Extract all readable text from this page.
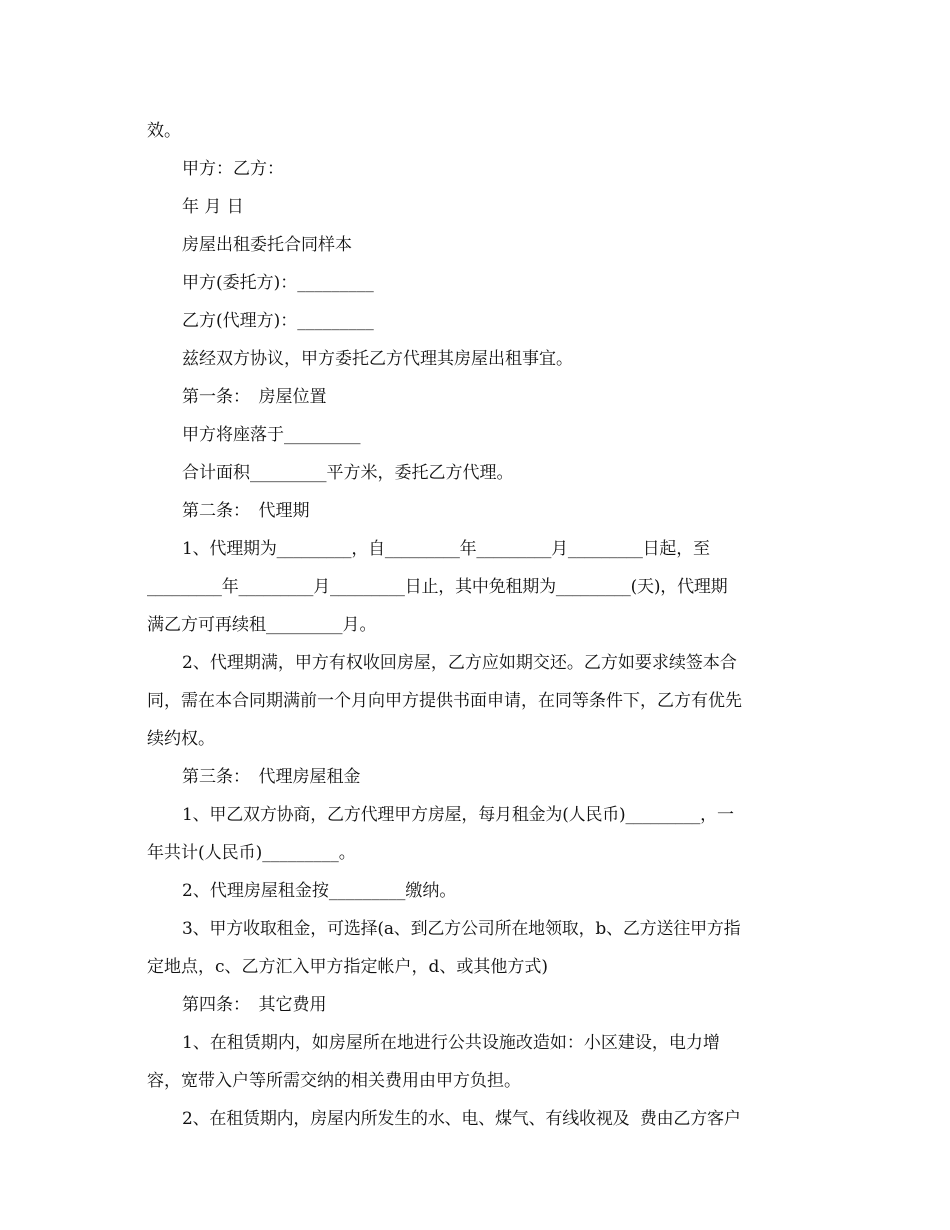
效。
甲方：乙方：
年 月 日
房屋出租委托合同样本
甲方(委托方)：_________
乙方(代理方)：_________
兹经双方协议，甲方委托乙方代理其房屋出租事宜。
第一条：　房屋位置
甲方将座落于_________
合计面积_________平方米，委托乙方代理。
第二条：　代理期
1、代理期为_________，自_________年_________月_________日起，至
_________年_________月_________日止，其中免租期为_________(天)，代理期
满乙方可再续租_________月。
2、代理期满，甲方有权收回房屋，乙方应如期交还。乙方如要求续签本合
同，需在本合同期满前一个月向甲方提供书面申请，在同等条件下，乙方有优先
续约权。
第三条：　代理房屋租金
1、甲乙双方协商，乙方代理甲方房屋，每月租金为(人民币)_________，一
年共计(人民币)_________。
2、代理房屋租金按_________缴纳。
3、甲方收取租金，可选择(a、到乙方公司所在地领取，b、乙方送往甲方指
定地点，c、乙方汇入甲方指定帐户，d、或其他方式)
第四条：　其它费用
1、在租赁期内，如房屋所在地进行公共设施改造如：小区建设，电力增
容，宽带入户等所需交纳的相关费用由甲方负担。
2、在租赁期内，房屋内所发生的水、电、煤气、有线收视及  费由乙方客户
